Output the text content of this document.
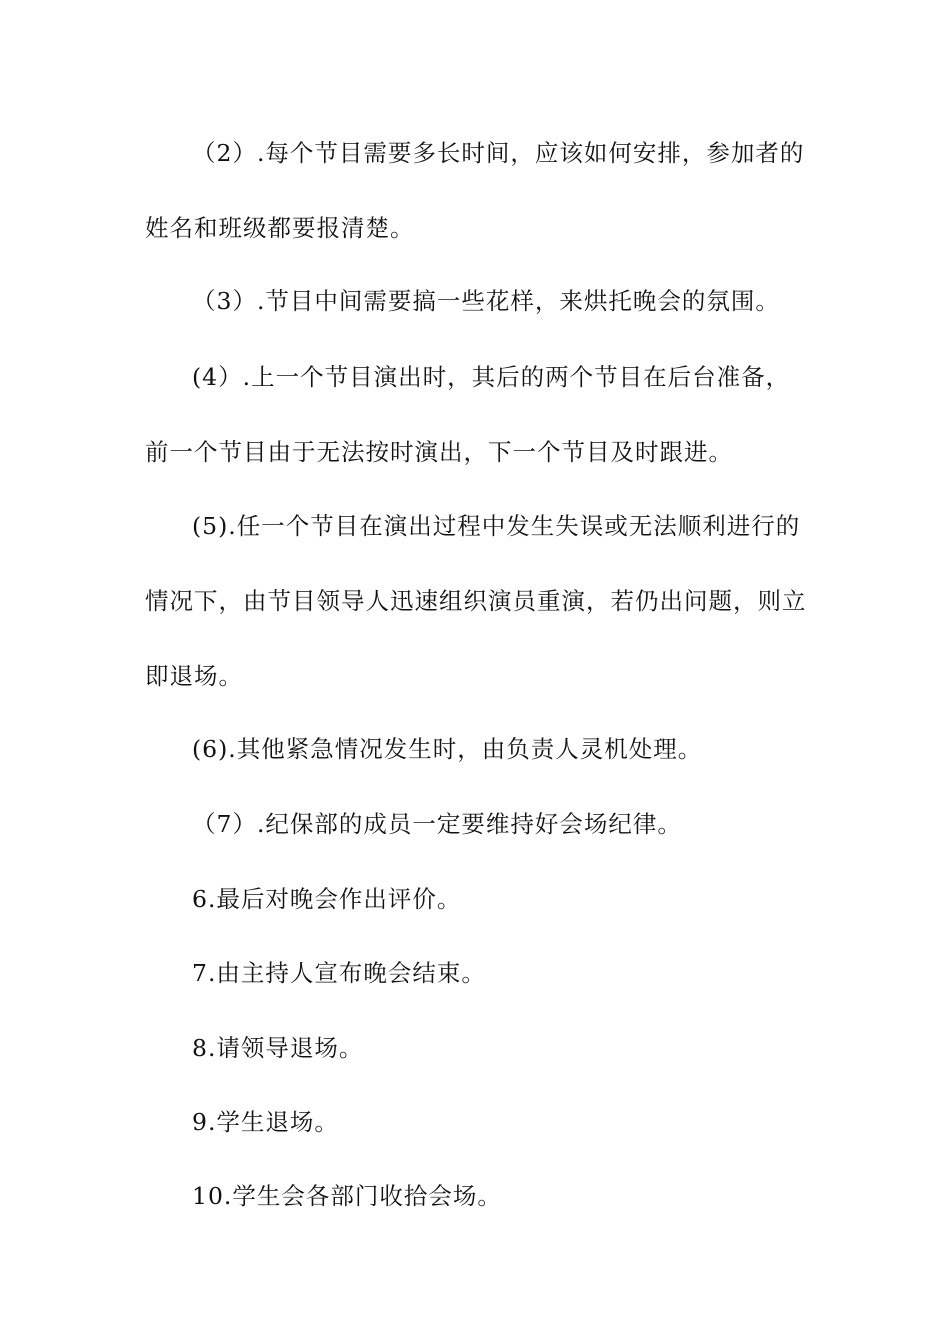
（2）.每个节目需要多长时间，应该如何安排，参加者的姓名和班级都要报清楚。

（3）.节目中间需要搞一些花样，来烘托晚会的氛围。

(4）.上一个节目演出时，其后的两个节目在后台准备，前一个节目由于无法按时演出，下一个节目及时跟进。

(5).任一个节目在演出过程中发生失误或无法顺利进行的情况下，由节目领导人迅速组织演员重演，若仍出问题，则立即退场。

(6).其他紧急情况发生时，由负责人灵机处理。

（7）.纪保部的成员一定要维持好会场纪律。

6.最后对晚会作出评价。

7.由主持人宣布晚会结束。

8.请领导退场。

9.学生退场。

10.学生会各部门收拾会场。
